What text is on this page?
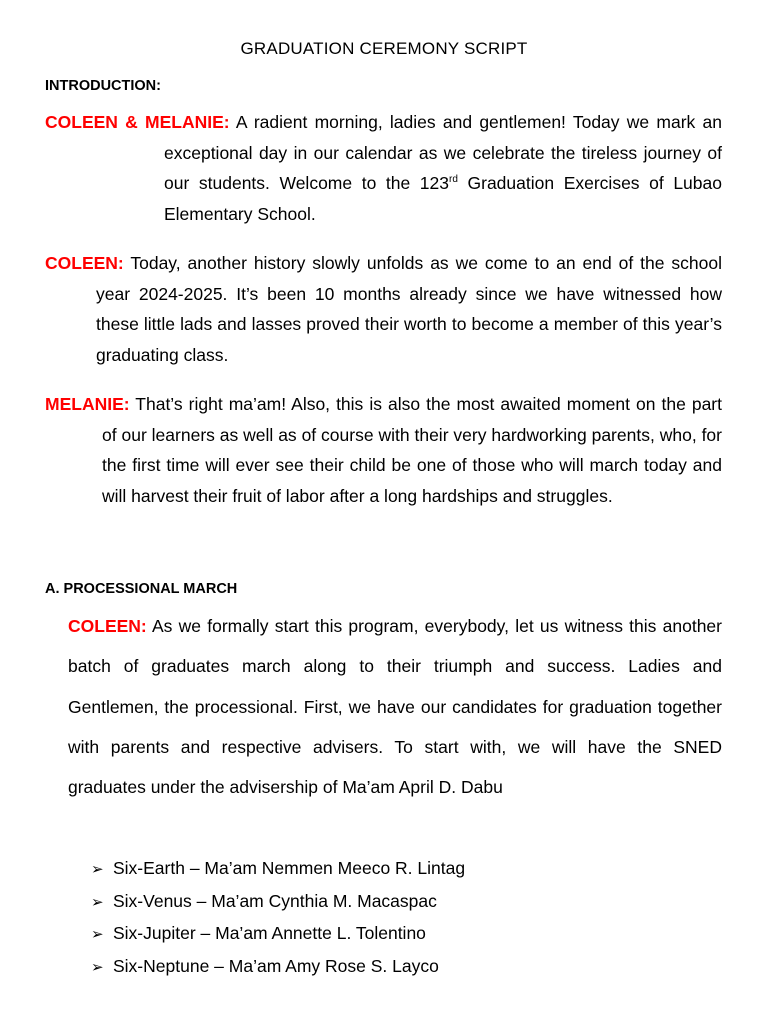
GRADUATION CEREMONY SCRIPT
INTRODUCTION:

COLEEN & MELANIE: A radient morning, ladies and gentlemen! Today we mark an exceptional day in our calendar as we celebrate the tireless journey of our students. Welcome to the 123rd Graduation Exercises of Lubao Elementary School.

COLEEN: Today, another history slowly unfolds as we come to an end of the school year 2024-2025. It’s been 10 months already since we have witnessed how these little lads and lasses proved their worth to become a member of this year’s graduating class.

MELANIE: That’s right ma’am! Also, this is also the most awaited moment on the part of our learners as well as of course with their very hardworking parents, who, for the first time will ever see their child be one of those who will march today and will harvest their fruit of labor after a long hardships and struggles.

A. PROCESSIONAL MARCH

COLEEN: As we formally start this program, everybody, let us witness this another batch of graduates march along to their triumph and success. Ladies and Gentlemen, the processional. First, we have our candidates for graduation together with parents and respective advisers. To start with, we will have the SNED graduates under the advisership of Ma’am April D. Dabu

➢ Six-Earth – Ma’am Nemmen Meeco R. Lintag
➢ Six-Venus – Ma’am Cynthia M. Macaspac
➢ Six-Jupiter – Ma’am Annette L. Tolentino
➢ Six-Neptune – Ma’am Amy Rose S. Layco
